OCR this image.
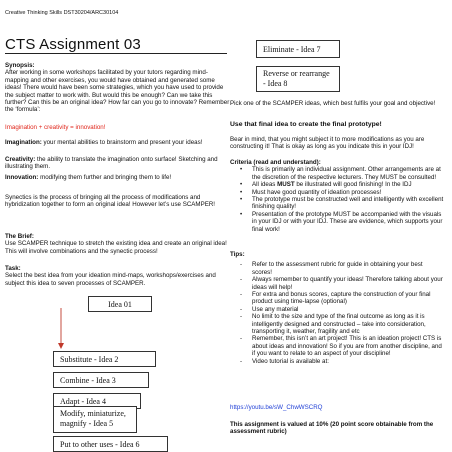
Creative Thinking Skills DST30204/ARC30104
CTS Assignment 03

Synopsis:

After working in some workshops facilitated by your tutors regarding mind-mapping and other exercises, you would have obtained and generated some ideas! There would have been some strategies, which you have used to provide the subject matter to work with. But would this be enough? Can we take this further? Can this be an original idea? How far can you go to innovate? Remember the ‘formula’:

Imagination + creativity = innovation!
Imagination: your mental abilities to brainstorm and present your ideas!
Creativity: the ability to translate the imagination onto surface! Sketching and illustrating them.
Innovation: modifying them further and bringing them to life!
Synectics is the process of bringing all the process of modifications and hybridization together to form an original idea! However let’s use SCAMPER!

The Brief:

Use SCAMPER technique to stretch the existing idea and create an original idea! This will involve combinations and the synectic process!

Task:

Select the best idea from your ideation mind-maps, workshops/exercises and subject this idea to seven processes of SCAMPER.

Idea 01
Substitute - Idea 2
Combine - Idea 3
Adapt - Idea 4
Modify, miniaturize, magnify - Idea 5
Put to other uses - Idea 6
Eliminate - Idea 7
Reverse or rearrange - Idea 8
Pick one of the SCAMPER ideas, which best fulfils your goal and objective!
Use that final idea to create the final prototype!
Bear in mind, that you might subject it to more modifications as you are constructing it! That is okay as long as you indicate this in your IDJ!

Criteria (read and understand):

• This is primarily an individual assignment. Other arrangements are at the discretion of the respective lecturers. They MUST be consulted!
• All ideas MUST be illustrated will good finishing! In the IDJ
• Must have good quantity of ideation processes!
• The prototype must be constructed well and intelligently with excellent finishing quality!
• Presentation of the prototype MUST be accompanied with the visuals in your IDJ or with your IDJ. These are evidence, which supports your final work!

Tips:

- Refer to the assessment rubric for guide in obtaining your best scores!
- Always remember to quantify your ideas! Therefore talking about your ideas will help!
- For extra and bonus scores, capture the construction of your final product using time-lapse (optional)
- Use any material
- No limit to the size and type of the final outcome as long as it is intelligently designed and constructed – take into consideration, transporting it, weather, fragility and etc
- Remember, this isn’t an art project! This is an ideation project! CTS is about ideas and innovation! So if you are from another discipline, and if you want to relate to an aspect of your discipline!
- Video tutorial is available at:
https://youtu.be/sW_ChwWSCRQ
This assignment is valued at 10% (20 point score obtainable from the assessment rubric)
